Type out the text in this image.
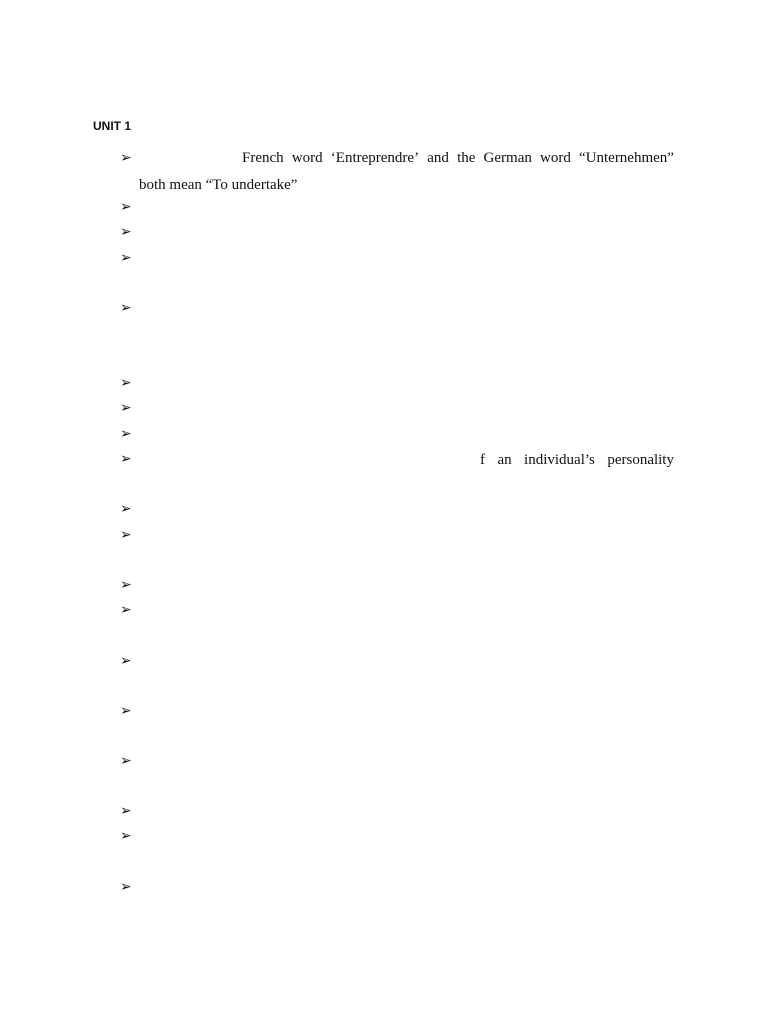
UNIT 1
➢
➢
➢
➢
➢
➢
➢
➢
➢
➢
➢
➢
➢
➢
➢
➢
➢
➢
➢
French word ‘Entreprendre’ and the German word “Unternehmen”
both mean “To undertake”
f an individual’s personality
